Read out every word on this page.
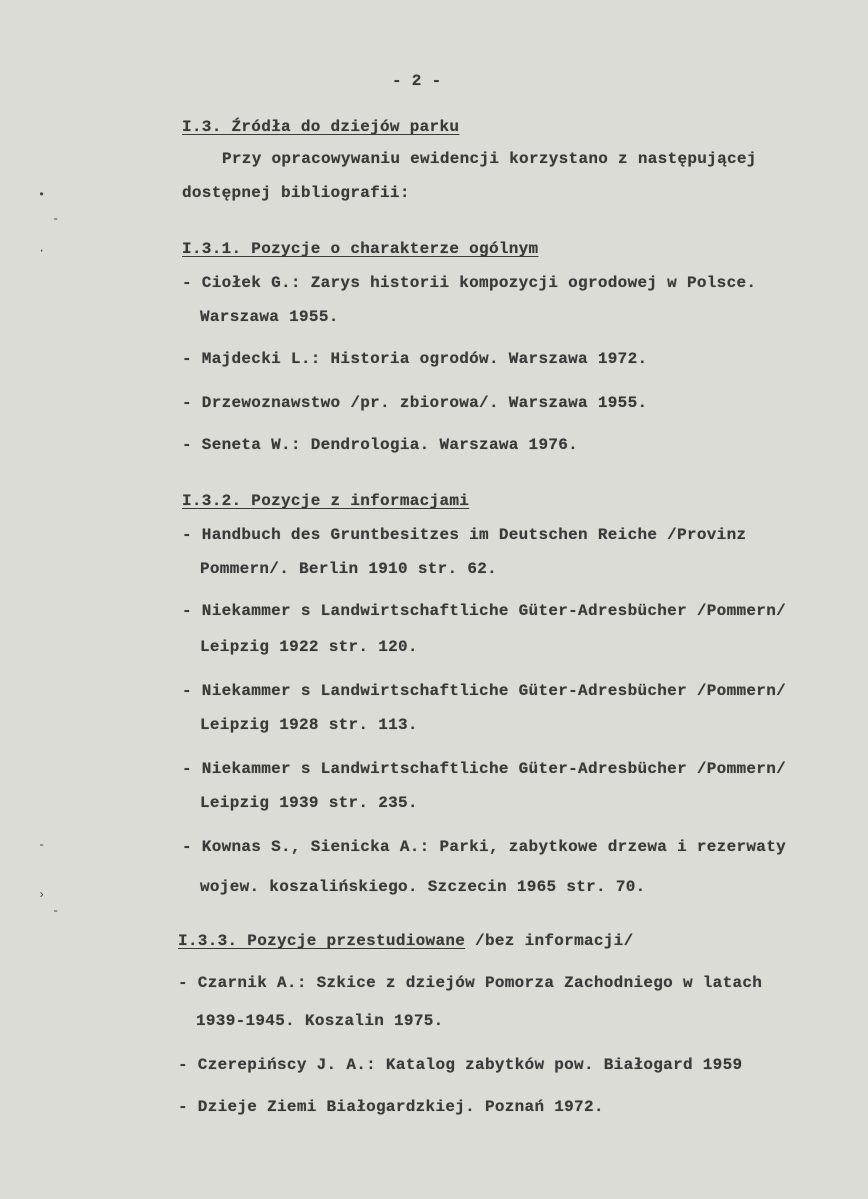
•
-
·
-
›
-
- 2 -
I.3. Źródła do dziejów parku
Przy opracowywaniu ewidencji korzystano z następującej
dostępnej bibliografii:
I.3.1. Pozycje o charakterze ogólnym
- Ciołek G.: Zarys historii kompozycji ogrodowej w Polsce.
Warszawa 1955.
- Majdecki L.: Historia ogrodów. Warszawa 1972.
- Drzewoznawstwo /pr. zbiorowa/. Warszawa 1955.
- Seneta W.: Dendrologia. Warszawa 1976.
I.3.2. Pozycje z informacjami
- Handbuch des Gruntbesitzes im Deutschen Reiche /Provinz
Pommern/. Berlin 1910 str. 62.
- Niekammer s Landwirtschaftliche Güter-Adresbücher /Pommern/
Leipzig 1922 str. 120.
- Niekammer s Landwirtschaftliche Güter-Adresbücher /Pommern/
Leipzig 1928 str. 113.
- Niekammer s Landwirtschaftliche Güter-Adresbücher /Pommern/
Leipzig 1939 str. 235.
- Kownas S., Sienicka A.: Parki, zabytkowe drzewa i rezerwaty
wojew. koszalińskiego. Szczecin 1965 str. 70.
I.3.3. Pozycje przestudiowane /bez informacji/
- Czarnik A.: Szkice z dziejów Pomorza Zachodniego w latach
1939-1945. Koszalin 1975.
- Czerepińscy J. A.: Katalog zabytków pow. Białogard 1959
- Dzieje Ziemi Białogardzkiej. Poznań 1972.
